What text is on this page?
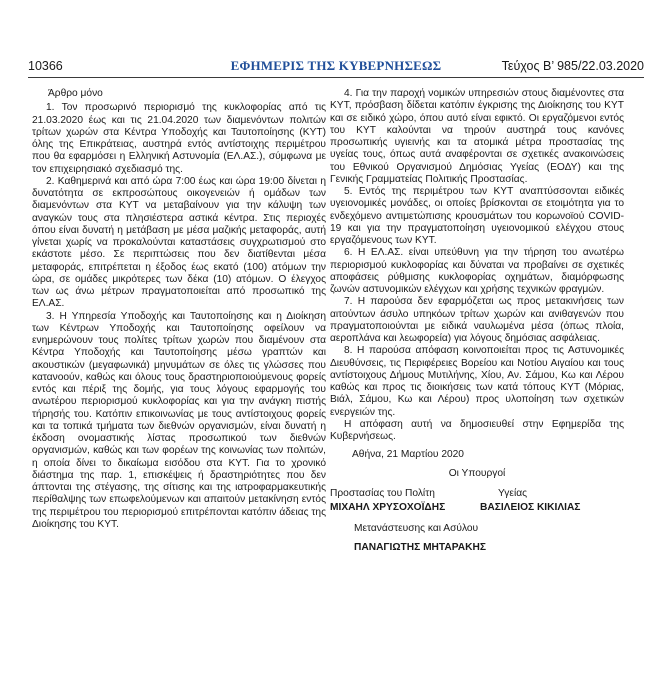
10366	ΕΦΗΜΕΡΙΣ ΤΗΣ ΚΥΒΕΡΝΗΣΕΩΣ	Τεύχος Β’ 985/22.03.2020

Άρθρο μόνο

1. Τον προσωρινό περιορισμό της κυκλοφορίας από τις 21.03.2020 έως και τις 21.04.2020 των διαμενόντων πολιτών τρίτων χωρών στα Κέντρα Υποδοχής και Ταυτοποίησης (ΚΥΤ) όλης της Επικράτειας, αυστηρά εντός αντίστοιχης περιμέτρου που θα εφαρμόσει η Ελληνική Αστυνομία (ΕΛ.ΑΣ.), σύμφωνα με τον επιχειρησιακό σχεδιασμό της.

2. Καθημερινά και από ώρα 7:00 έως και ώρα 19:00 δίνεται η δυνατότητα σε εκπροσώπους οικογενειών ή ομάδων των διαμενόντων στα ΚΥΤ να μεταβαίνουν για την κάλυψη των αναγκών τους στα πλησιέστερα αστικά κέντρα. Στις περιοχές όπου είναι δυνατή η μετάβαση με μέσα μαζικής μεταφοράς, αυτή γίνεται χωρίς να προκαλούνται καταστάσεις συγχρωτισμού στο εκάστοτε μέσο. Σε περιπτώσεις που δεν διατίθενται μέσα μεταφοράς, επιτρέπεται η έξοδος έως εκατό (100) ατόμων την ώρα, σε ομάδες μικρότερες των δέκα (10) ατόμων. Ο έλεγχος των ως άνω μέτρων πραγματοποιείται από προσωπικό της ΕΛ.ΑΣ.

3. Η Υπηρεσία Υποδοχής και Ταυτοποίησης και η Διοίκηση των Κέντρων Υποδοχής και Ταυτοποίησης οφείλουν να ενημερώνουν τους πολίτες τρίτων χωρών που διαμένουν στα Κέντρα Υποδοχής και Ταυτοποίησης μέσω γραπτών και ακουστικών (μεγαφωνικά) μηνυμάτων σε όλες τις γλώσσες που κατανοούν, καθώς και όλους τους δραστηριοποιούμενους φορείς εντός και πέριξ της δομής, για τους λόγους εφαρμογής του ανωτέρου περιορισμού κυκλοφορίας και για την ανάγκη πιστής τήρησής του. Κατόπιν επικοινωνίας με τους αντίστοιχους φορείς και τα τοπικά τμήματα των διεθνών οργανισμών, είναι δυνατή η έκδοση ονομαστικής λίστας προσωπικού των διεθνών οργανισμών, καθώς και των φορέων της κοινωνίας των πολιτών, η οποία δίνει το δικαίωμα εισόδου στα ΚΥΤ. Για το χρονικό διάστημα της παρ. 1, επισκέψεις ή δραστηριότητες που δεν άπτονται της στέγασης, της σίτισης και της ιατροφαρμακευτικής περίθαλψης των επωφελούμενων και απαιτούν μετακίνηση εντός της περιμέτρου του περιορισμού επιτρέπονται κατόπιν άδειας της Διοίκησης του ΚΥΤ.

4. Για την παροχή νομικών υπηρεσιών στους διαμένοντες στα ΚΥΤ, πρόσβαση δίδεται κατόπιν έγκρισης της Διοίκησης του ΚΥΤ και σε ειδικό χώρο, όπου αυτό είναι εφικτό. Οι εργαζόμενοι εντός του ΚΥΤ καλούνται να τηρούν αυστηρά τους κανόνες προσωπικής υγιεινής και τα ατομικά μέτρα προστασίας της υγείας τους, όπως αυτά αναφέρονται σε σχετικές ανακοινώσεις του Εθνικού Οργανισμού Δημόσιας Υγείας (ΕΟΔΥ) και της Γενικής Γραμματείας Πολιτικής Προστασίας.

5. Εντός της περιμέτρου των ΚΥΤ αναπτύσσονται ειδικές υγειονομικές μονάδες, οι οποίες βρίσκονται σε ετοιμότητα για το ενδεχόμενο αντιμετώπισης κρουσμάτων του κορωνοϊού COVID-19 και για την πραγματοποίηση υγειονομικού ελέγχου στους εργαζόμενους των ΚΥΤ.

6. Η ΕΛ.ΑΣ. είναι υπεύθυνη για την τήρηση του ανωτέρω περιορισμού κυκλοφορίας και δύναται να προβαίνει σε σχετικές αποφάσεις ρύθμισης κυκλοφορίας οχημάτων, διαμόρφωσης ζωνών αστυνομικών ελέγχων και χρήσης τεχνικών φραγμών.

7. Η παρούσα δεν εφαρμόζεται ως προς μετακινήσεις των αιτούντων άσυλο υπηκόων τρίτων χωρών και ανιθαγενών που πραγματοποιούνται με ειδικά ναυλωμένα μέσα (όπως πλοία, αεροπλάνα και λεωφορεία) για λόγους δημόσιας ασφάλειας.

8. Η παρούσα απόφαση κοινοποιείται προς τις Αστυνομικές Διευθύνσεις, τις Περιφέρειες Βορείου και Νοτίου Αιγαίου και τους αντίστοιχους Δήμους Μυτιλήνης, Χίου, Αν. Σάμου, Κω και Λέρου καθώς και προς τις διοικήσεις των κατά τόπους ΚΥΤ (Μόριας, Βιάλ, Σάμου, Κω και Λέρου) προς υλοποίηση των σχετικών ενεργειών της.

Η απόφαση αυτή να δημοσιευθεί στην Εφημερίδα της Κυβερνήσεως.

Αθήνα, 21 Μαρτίου 2020
Οι Υπουργοί
Προστασίας του Πολίτη	Υγείας
ΜΙΧΑΗΛ ΧΡΥΣΟΧΟΪΔΗΣ	ΒΑΣΙΛΕΙΟΣ ΚΙΚΙΛΙΑΣ
Μετανάστευσης και Ασύλου
ΠΑΝΑΓΙΩΤΗΣ ΜΗΤΑΡΑΚΗΣ
